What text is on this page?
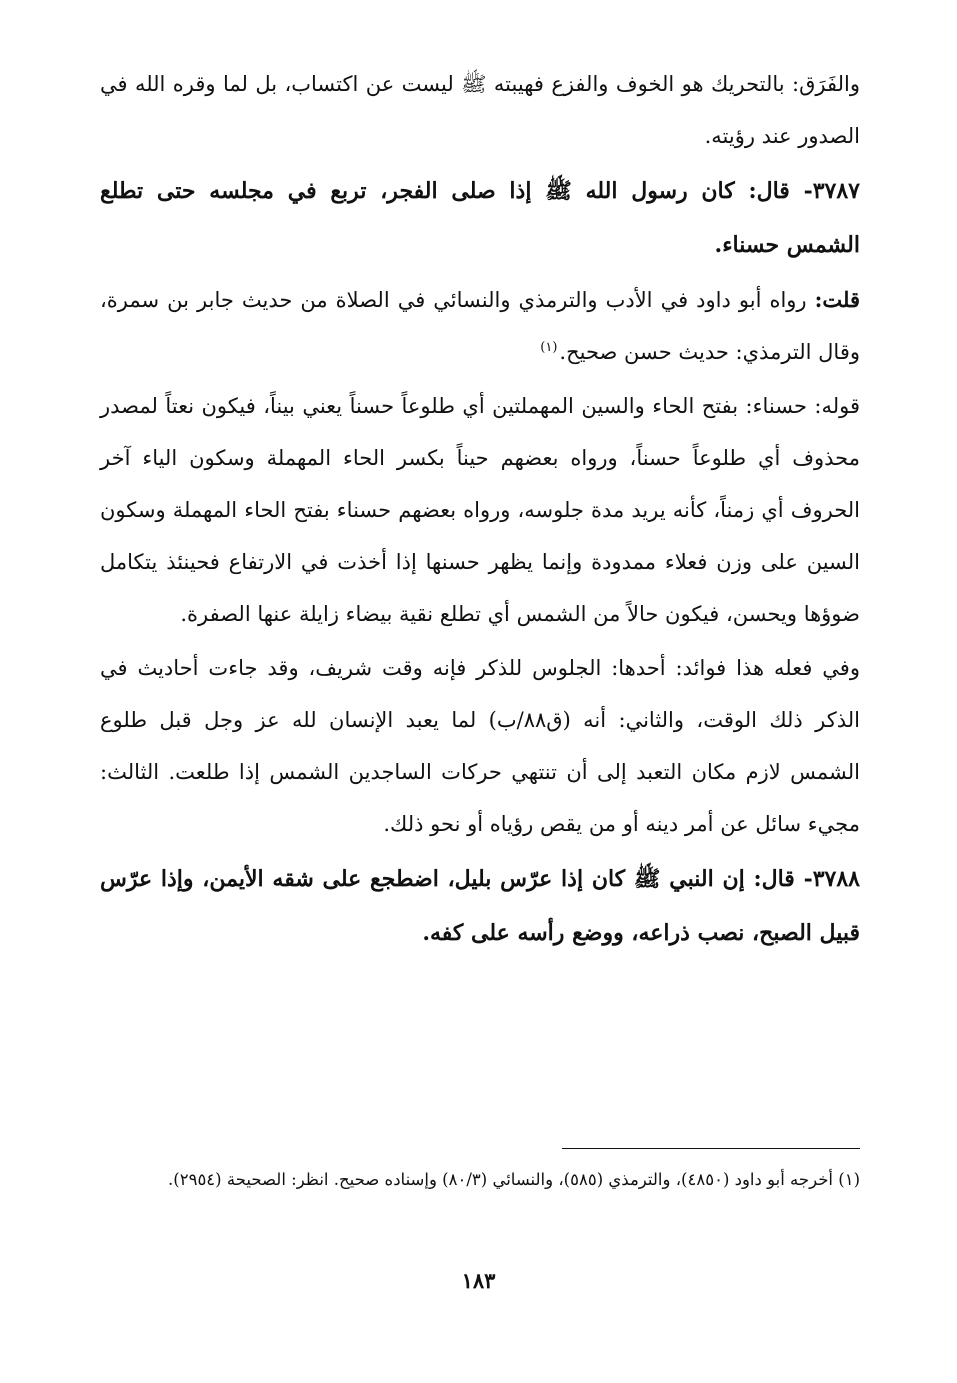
والفَرَق: بالتحريك هو الخوف والفزع فهيبته ﷺ ليست عن اكتساب، بل لما وقره الله في الصدور عند رؤيته.

٣٧٨٧- قال: كان رسول الله ﷺ إذا صلى الفجر، تربع في مجلسه حتى تطلع الشمس حسناء.

قلت: رواه أبو داود في الأدب والترمذي والنسائي في الصلاة من حديث جابر بن سمرة، وقال الترمذي: حديث حسن صحيح.$^{(١)}$

قوله: حسناء: بفتح الحاء والسين المهملتين أي طلوعاً حسناً يعني بيناً، فيكون نعتاً لمصدر محذوف أي طلوعاً حسناً، ورواه بعضهم حيناً بكسر الحاء المهملة وسكون الياء آخر الحروف أي زمناً، كأنه يريد مدة جلوسه، ورواه بعضهم حسناء بفتح الحاء المهملة وسكون السين على وزن فعلاء ممدودة وإنما يظهر حسنها إذا أخذت في الارتفاع فحينئذ يتكامل ضوؤها ويحسن، فيكون حالاً من الشمس أي تطلع نقية بيضاء زايلة عنها الصفرة.

وفي فعله هذا فوائد: أحدها: الجلوس للذكر فإنه وقت شريف، وقد جاءت أحاديث في الذكر ذلك الوقت، والثاني: أنه (ق٨٨/ب) لما يعبد الإنسان لله عز وجل قبل طلوع الشمس لازم مكان التعبد إلى أن تنتهي حركات الساجدين الشمس إذا طلعت. الثالث: مجيء سائل عن أمر دينه أو من يقص رؤياه أو نحو ذلك.

٣٧٨٨- قال: إن النبي ﷺ كان إذا عرّس بليل، اضطجع على شقه الأيمن، وإذا عرّس قبيل الصبح، نصب ذراعه، ووضع رأسه على كفه.

(١) أخرجه أبو داود (٤٨٥٠)، والترمذي (٥٨٥)، والنسائي (٨٠/٣) وإسناده صحيح. انظر: الصحيحة (٢٩٥٤).

١٨٣
